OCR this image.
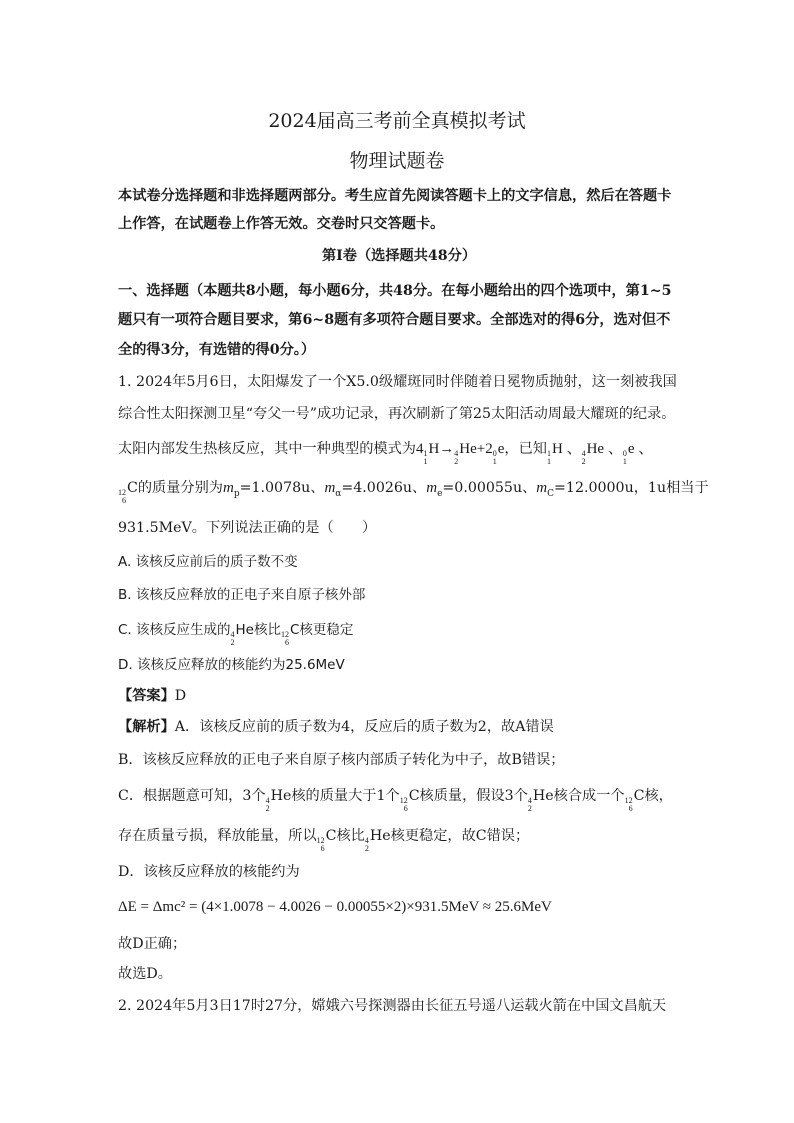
2024届高三考前全真模拟考试
物理试题卷
本试卷分选择题和非选择题两部分。考生应首先阅读答题卡上的文字信息，然后在答题卡
上作答，在试题卷上作答无效。交卷时只交答题卡。
第I卷（选择题共48分）
一、选择题（本题共8小题，每小题6分，共48分。在每小题给出的四个选项中，第1~5
题只有一项符合题目要求，第6~8题有多项符合题目要求。全部选对的得6分，选对但不
全的得3分，有选错的得0分。）
1. 2024年5月6日，太阳爆发了一个X5.0级耀斑同时伴随着日冕物质抛射，这一刻被我国
综合性太阳探测卫星“夸父一号”成功记录，再次刷新了第25太阳活动周最大耀斑的纪录。
太阳内部发生热核反应，其中一种典型的模式为4 1
1
H→ 4
2
He+2 0
1
e，已知 1
1
H 、 4
2
He 、 0
1
e 、
12
6
C的质量分别为$m_p=1.0078u$、$m_\alpha=4.0026u$、$m_e=0.00055u$、$m_C=12.0000u$，1u相当于
931.5MeV。下列说法正确的是（　　）
A. 该核反应前后的质子数不变
B. 该核反应释放的正电子来自原子核外部
C. 该核反应生成的 4
2
He核比 12
6
C核更稳定
D. 该核反应释放的核能约为25.6MeV
【答案】D
【解析】A．该核反应前的质子数为4，反应后的质子数为2，故A错误
B．该核反应释放的正电子来自原子核内部质子转化为中子，故B错误；
C．根据题意可知，3个 4
2
He核的质量大于1个 12
6
C核质量，假设3个 4
2
He核合成一个 12
6
C核，
存在质量亏损，释放能量，所以 12
6
C核比 4
2
He核更稳定，故C错误；
D．该核反应释放的核能约为
ΔE = Δmc² = (4×1.0078 − 4.0026 − 0.00055×2)×931.5MeV ≈ 25.6MeV
故D正确；
故选D。
2. 2024年5月3日17时27分，嫦娥六号探测器由长征五号遥八运载火箭在中国文昌航天
